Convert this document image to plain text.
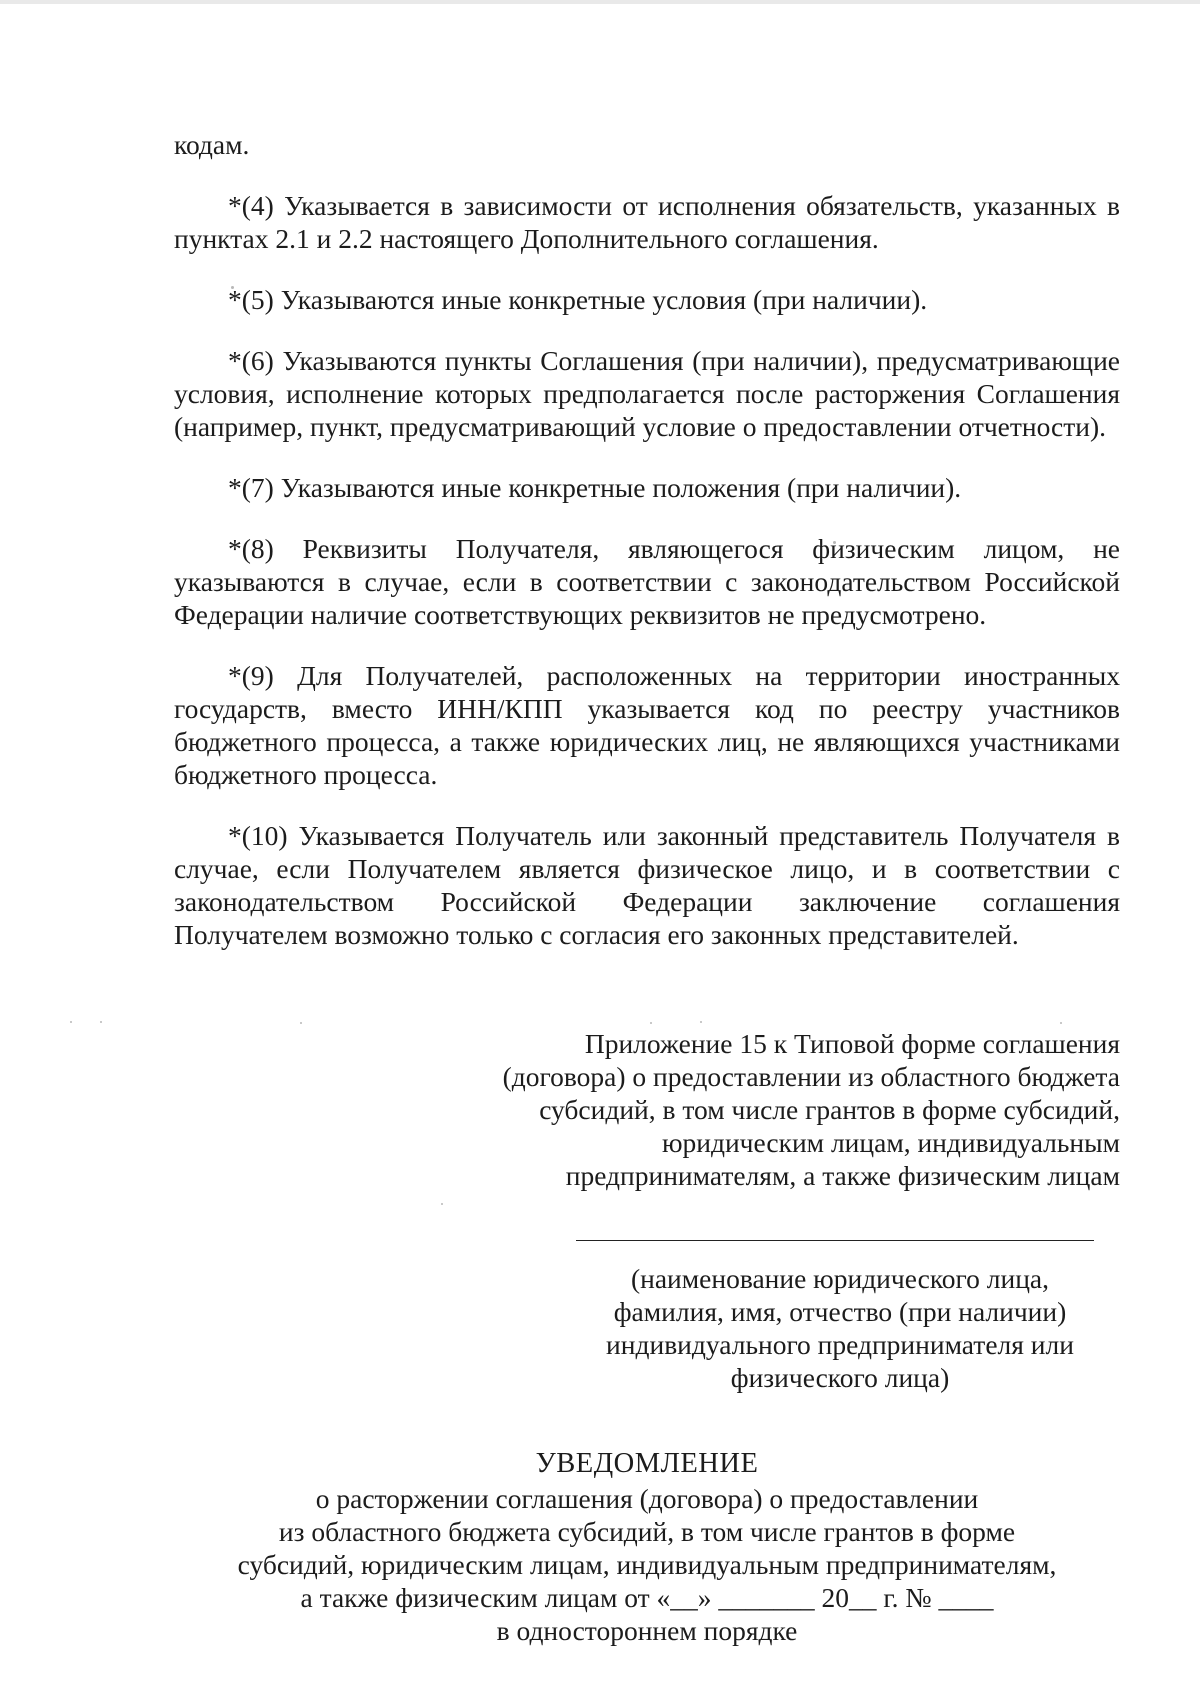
кодам.

*(4) Указывается в зависимости от исполнения обязательств, указанных в пунктах 2.1 и 2.2 настоящего Дополнительного соглашения.

*(5) Указываются иные конкретные условия (при наличии).

*(6) Указываются пункты Соглашения (при наличии), предусматривающие условия, исполнение которых предполагается после расторжения Соглашения (например, пункт, предусматривающий условие о предоставлении отчетности).

*(7) Указываются иные конкретные положения (при наличии).

*(8) Реквизиты Получателя, являющегося физическим лицом, не указываются в случае, если в соответствии с законодательством Российской Федерации наличие соответствующих реквизитов не предусмотрено.

*(9) Для Получателей, расположенных на территории иностранных государств, вместо ИНН/КПП указывается код по реестру участников бюджетного процесса, а также юридических лиц, не являющихся участниками бюджетного процесса.

*(10) Указывается Получатель или законный представитель Получателя в случае, если Получателем является физическое лицо, и в соответствии с законодательством Российской Федерации заключение соглашения Получателем возможно только с согласия его законных представителей.

Приложение 15 к Типовой форме соглашения
(договора) о предоставлении из областного бюджета
субсидий, в том числе грантов в форме субсидий,
юридическим лицам, индивидуальным
предпринимателям, а также физическим лицам
(наименование юридического лица,
фамилия, имя, отчество (при наличии)
индивидуального предпринимателя или
физического лица)
УВЕДОМЛЕНИЕ
о расторжении соглашения (договора) о предоставлении
из областного бюджета субсидий, в том числе грантов в форме
субсидий, юридическим лицам, индивидуальным предпринимателям,
а также физическим лицам от «__» _______ 20__ г. № ____
в одностороннем порядке
